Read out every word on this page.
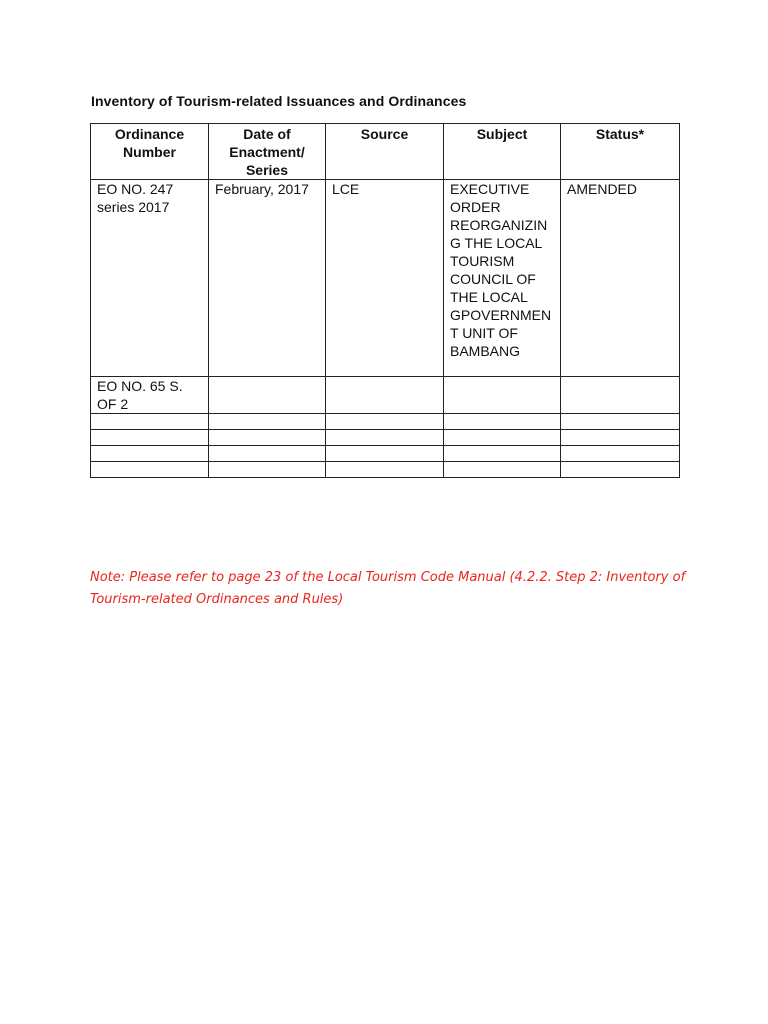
Inventory of Tourism-related Issuances and Ordinances
Ordinance Number	Date of Enactment/ Series	Source	Subject	Status*
EO NO. 247 series 2017	February, 2017	LCE	EXECUTIVE ORDER REORGANIZING THE LOCAL TOURISM COUNCIL OF THE LOCAL GPOVERNMENT UNIT OF BAMBANG	AMENDED
EO NO. 65 S. OF 2				

Note: Please refer to page 23 of the Local Tourism Code Manual (4.2.2. Step 2: Inventory of Tourism-related Ordinances and Rules)
